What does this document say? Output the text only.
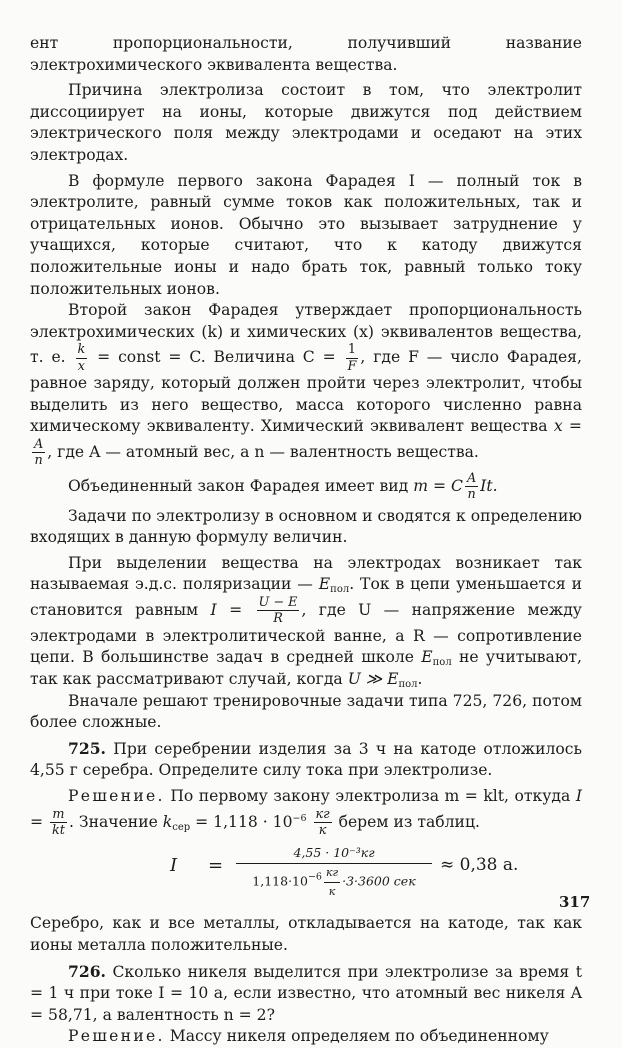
ент пропорциональности, получивший название электрохимического эквивалента вещества.

Причина электролиза состоит в том, что электролит диссоциирует на ионы, которые движутся под действием электрического поля между электродами и оседают на этих электродах.

В формуле первого закона Фарадея I — полный ток в электролите, равный сумме токов как положительных, так и отрицательных ионов. Обычно это вызывает затруднение у учащихся, которые считают, что к катоду движутся положительные ионы и надо брать ток, равный только току положительных ионов.

Второй закон Фарадея утверждает пропорциональность электрохимических (k) и химических (x) эквивалентов вещества, т. е. $\frac{k}{x}$ = const = C. Величина $C = \frac{1}{F}$ , где F — число Фарадея, равное заряду, который должен пройти через электролит, чтобы выделить из него вещество, масса которого численно равна химическому эквиваленту. Химический эквивалент вещества x =
$\frac{A}{n}$ , где A — атомный вес, а n — валентность вещества.

Объединенный закон Фарадея имеет вид m = C $\frac{A}{n} It$.

Задачи по электролизу в основном и сводятся к определению входящих в данную формулу величин.

При выделении вещества на электродах возникает так называемая э.д.с. поляризации — $E_{пол}$. Ток в цепи уменьшается и становится равным $I = \frac{U - E}{R}$ , где U — напряжение между электродами в электролитической ванне, а R — сопротивление цепи. В большинстве задач в средней школе $E_{пол}$ не учитывают, так как рассматривают случай, когда U ≫ $E_{пол}$.

Вначале решают тренировочные задачи типа 725, 726, потом более сложные.

725. При серебрении изделия за 3 ч на катоде отложилось 4,55 г серебра. Определите силу тока при электролизе.

Решение. По первому закону электролиза m = klt, откуда $I = \frac{m}{kt}$ . Значение $k_{сер} = 1,118 \cdot 10^{-6} \frac{кг}{к}$ берем из таблиц.

I =
4,55 · 10⁻³кг
$1,118\cdot 10^{-6} \frac{кг}{к} \cdot 3\cdot 3600$ сек
≈ 0,38 а.

Серебро, как и все металлы, откладывается на катоде, так как ионы металла положительные.

726. Сколько никеля выделится при электролизе за время t = 1 ч при токе I = 10 а, если известно, что атомный вес никеля A = 58,71, а валентность n = 2?

Решение. Массу никеля определяем по объединенному

317
